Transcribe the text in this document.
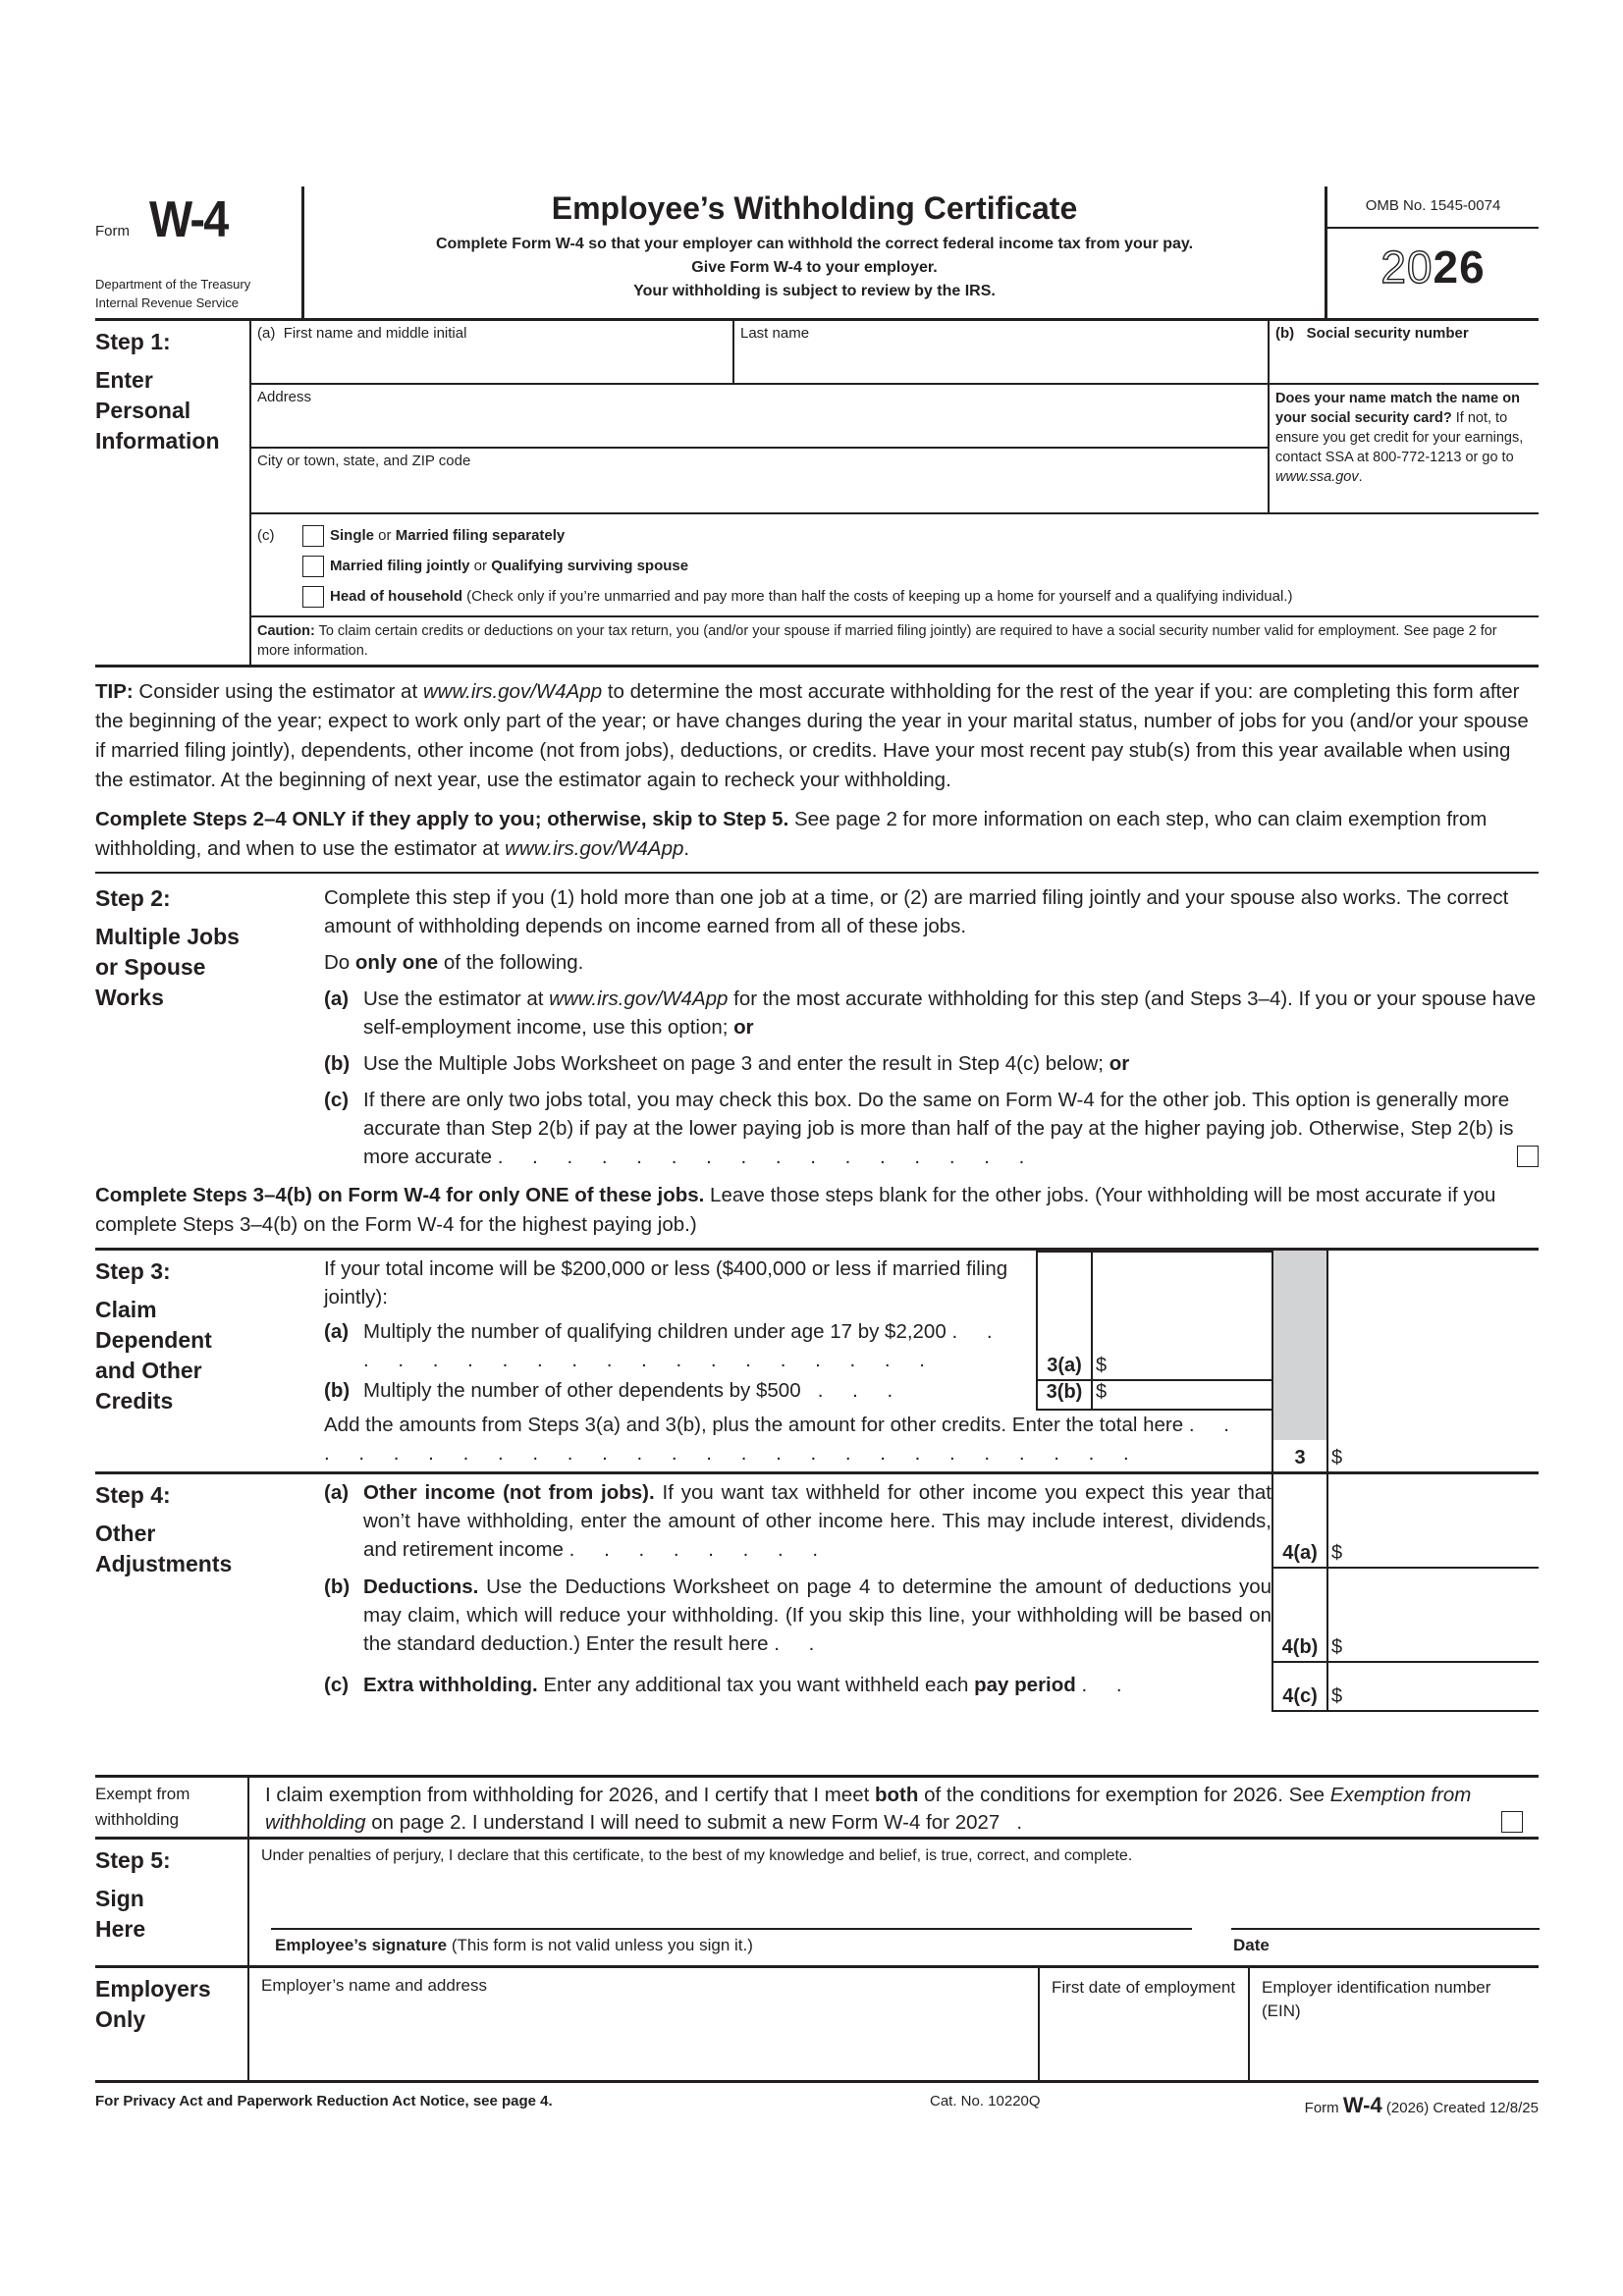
Form W-4
Department of the Treasury
Internal Revenue Service
Employee’s Withholding Certificate
Complete Form W-4 so that your employer can withhold the correct federal income tax from your pay.
Give Form W-4 to your employer.
Your withholding is subject to review by the IRS.
OMB No. 1545-0074
2026
Step 1:
Enter
Personal
Information
(a) First name and middle initial	Last name
Address
City or town, state, and ZIP code
(b) Social security number
Does your name match the name on your social security card? If not, to ensure you get credit for your earnings, contact SSA at 800-772-1213 or go to www.ssa.gov.
(c)	Single or Married filing separately
Married filing jointly or Qualifying surviving spouse
Head of household (Check only if you’re unmarried and pay more than half the costs of keeping up a home for yourself and a qualifying individual.)
Caution: To claim certain credits or deductions on your tax return, you (and/or your spouse if married filing jointly) are required to have a social security number valid for employment. See page 2 for more information.
TIP: Consider using the estimator at www.irs.gov/W4App to determine the most accurate withholding for the rest of the year if you: are completing this form after the beginning of the year; expect to work only part of the year; or have changes during the year in your marital status, number of jobs for you (and/or your spouse if married filing jointly), dependents, other income (not from jobs), deductions, or credits. Have your most recent pay stub(s) from this year available when using the estimator. At the beginning of next year, use the estimator again to recheck your withholding.
Complete Steps 2–4 ONLY if they apply to you; otherwise, skip to Step 5. See page 2 for more information on each step, who can claim exemption from withholding, and when to use the estimator at www.irs.gov/W4App.
Step 2:
Multiple Jobs
or Spouse
Works
Complete this step if you (1) hold more than one job at a time, or (2) are married filing jointly and your spouse also works. The correct amount of withholding depends on income earned from all of these jobs.
Do only one of the following.
(a) Use the estimator at www.irs.gov/W4App for the most accurate withholding for this step (and Steps 3–4). If you or your spouse have self-employment income, use this option; or
(b) Use the Multiple Jobs Worksheet on page 3 and enter the result in Step 4(c) below; or
(c) If there are only two jobs total, you may check this box. Do the same on Form W-4 for the other job. This option is generally more accurate than Step 2(b) if pay at the lower paying job is more than half of the pay at the higher paying job. Otherwise, Step 2(b) is more accurate . . . . . . . . . . . . . . . .
Complete Steps 3–4(b) on Form W-4 for only ONE of these jobs. Leave those steps blank for the other jobs. (Your withholding will be most accurate if you complete Steps 3–4(b) on the Form W-4 for the highest paying job.)
Step 3:
Claim
Dependent
and Other
Credits
If your total income will be $200,000 or less ($400,000 or less if married filing jointly):
(a) Multiply the number of qualifying children under age 17 by $2,200 . . . . . . . . . . . . . . . . . . .
(b) Multiply the number of other dependents by $500 . . .
3(a) $
3(b) $
Add the amounts from Steps 3(a) and 3(b), plus the amount for other credits. Enter the total here . . . . . . . . . . . . . . . . . . . . . . . . . .	3	$
Step 4:
Other
Adjustments
(a) Other income (not from jobs). If you want tax withheld for other income you expect this year that won’t have withholding, enter the amount of other income here. This may include interest, dividends, and retirement income . . . . . . . .	4(a) $
(b) Deductions. Use the Deductions Worksheet on page 4 to determine the amount of deductions you may claim, which will reduce your withholding. (If you skip this line, your withholding will be based on the standard deduction.) Enter the result here . .	4(b) $
(c) Extra withholding. Enter any additional tax you want withheld each pay period . .	4(c) $
Exempt from
withholding
I claim exemption from withholding for 2026, and I certify that I meet both of the conditions for exemption for 2026. See Exemption from withholding on page 2. I understand I will need to submit a new Form W-4 for 2027 .
Step 5:
Sign
Here
Under penalties of perjury, I declare that this certificate, to the best of my knowledge and belief, is true, correct, and complete.
Employee’s signature (This form is not valid unless you sign it.)	Date
Employers
Only
Employer’s name and address	First date of employment	Employer identification number (EIN)
For Privacy Act and Paperwork Reduction Act Notice, see page 4.	Cat. No. 10220Q	Form W-4 (2026) Created 12/8/25
